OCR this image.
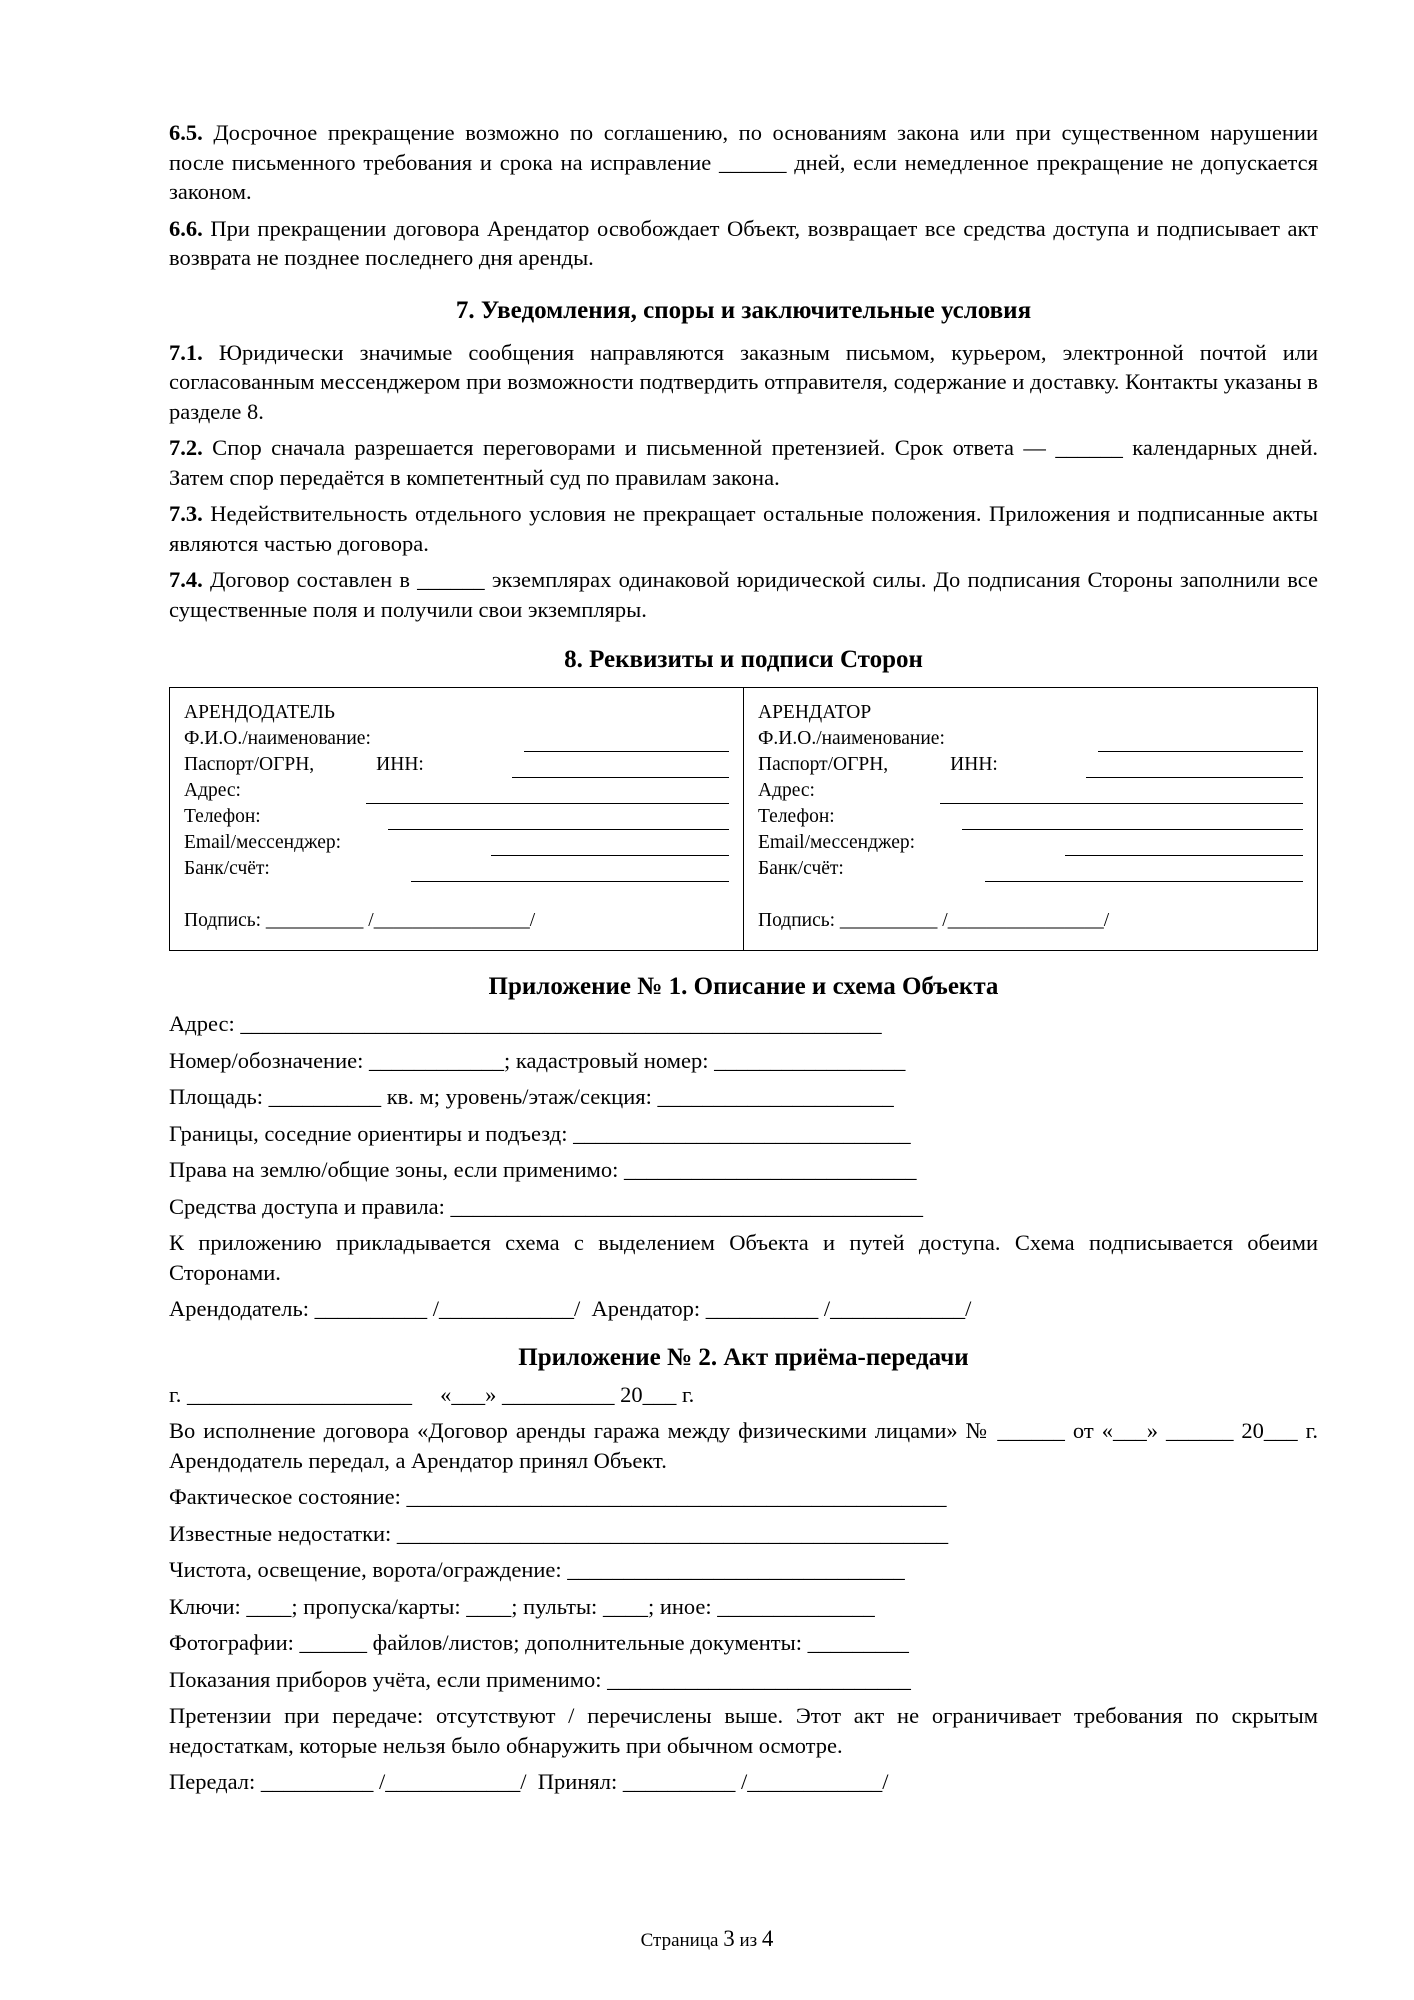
6.5. Досрочное прекращение возможно по соглашению, по основаниям закона или при существенном нарушении после письменного требования и срока на исправление ______ дней, если немедленное прекращение не допускается законом.

6.6. При прекращении договора Арендатор освобождает Объект, возвращает все средства доступа и подписывает акт возврата не позднее последнего дня аренды.

7. Уведомления, споры и заключительные условия

7.1. Юридически значимые сообщения направляются заказным письмом, курьером, электронной почтой или согласованным мессенджером при возможности подтвердить отправителя, содержание и доставку. Контакты указаны в разделе 8.

7.2. Спор сначала разрешается переговорами и письменной претензией. Срок ответа — ______ календарных дней. Затем спор передаётся в компетентный суд по правилам закона.

7.3. Недействительность отдельного условия не прекращает остальные положения. Приложения и подписанные акты являются частью договора.

7.4. Договор составлен в ______ экземплярах одинаковой юридической силы. До подписания Стороны заполнили все существенные поля и получили свои экземпляры.

8. Реквизиты и подписи Сторон
АРЕНДОДАТЕЛЬ
Ф.И.О./наименование:
Паспорт/ОГРН,	ИНН:
Адрес:
Телефон:
Email/мессенджер:
Банк/счёт:
Подпись: __________ /________________/

АРЕНДАТОР
Ф.И.О./наименование:
Паспорт/ОГРН,	ИНН:
Адрес:
Телефон:
Email/мессенджер:
Банк/счёт:
Подпись: __________ /________________/
Приложение № 1. Описание и схема Объекта
Адрес: _________________________________________________________
Номер/обозначение: ____________; кадастровый номер: _________________
Площадь: __________ кв. м; уровень/этаж/секция: _____________________
Границы, соседние ориентиры и подъезд: ______________________________
Права на землю/общие зоны, если применимо: __________________________
Средства доступа и правила: __________________________________________
К приложению прикладывается схема с выделением Объекта и путей доступа. Схема подписывается обеими Сторонами.
Арендодатель: __________ /____________/  Арендатор: __________ /____________/
Приложение № 2. Акт приёма-передачи
г. ____________________     «___» __________ 20___ г.
Во исполнение договора «Договор аренды гаража между физическими лицами» № ______ от «___» ______ 20___ г. Арендодатель передал, а Арендатор принял Объект.
Фактическое состояние: ________________________________________________
Известные недостатки: _________________________________________________
Чистота, освещение, ворота/ограждение: ______________________________
Ключи: ____; пропуска/карты: ____; пульты: ____; иное: ______________
Фотографии: ______ файлов/листов; дополнительные документы: _________
Показания приборов учёта, если применимо: ___________________________
Претензии при передаче: отсутствуют / перечислены выше. Этот акт не ограничивает требования по скрытым недостаткам, которые нельзя было обнаружить при обычном осмотре.
Передал: __________ /____________/  Принял: __________ /____________/
Страница 3 из 4
